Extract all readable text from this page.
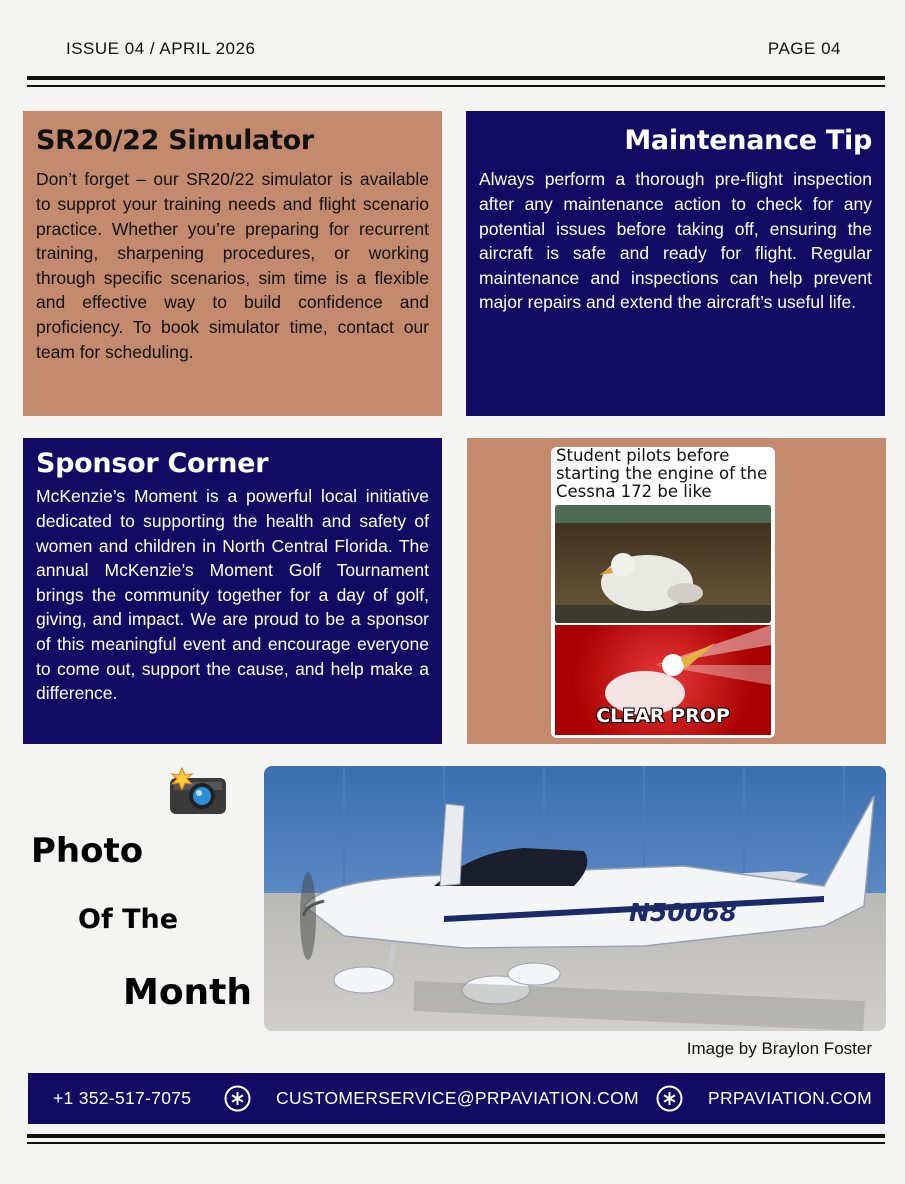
ISSUE 04 / APRIL 2026	PAGE 04
SR20/22 Simulator

Don’t forget – our SR20/22 simulator is available to supprot your training needs and flight scenario practice. Whether you’re preparing for recurrent training, sharpening procedures, or working through specific scenarios, sim time is a flexible and effective way to build confidence and proficiency. To book simulator time, contact our team for scheduling.

Maintenance Tip

Always perform a thorough pre-flight inspection after any maintenance action to check for any potential issues before taking off, ensuring the aircraft is safe and ready for flight. Regular maintenance and inspections can help prevent major repairs and extend the aircraft’s useful life.

Sponsor Corner

McKenzie’s Moment is a powerful local initiative dedicated to supporting the health and safety of women and children in North Central Florida. The annual McKenzie’s Moment Golf Tournament brings the community together for a day of golf, giving, and impact. We are proud to be a sponsor of this meaningful event and encourage everyone to come out, support the cause, and help make a difference.

Student pilots before starting the engine of the Cessna 172 be like
CLEAR PROP
Photo
Of The
Month
N50068
Image by Braylon Foster
+1 352-517-7075	CUSTOMERSERVICE@PRPAVIATION.COM	PRPAVIATION.COM
